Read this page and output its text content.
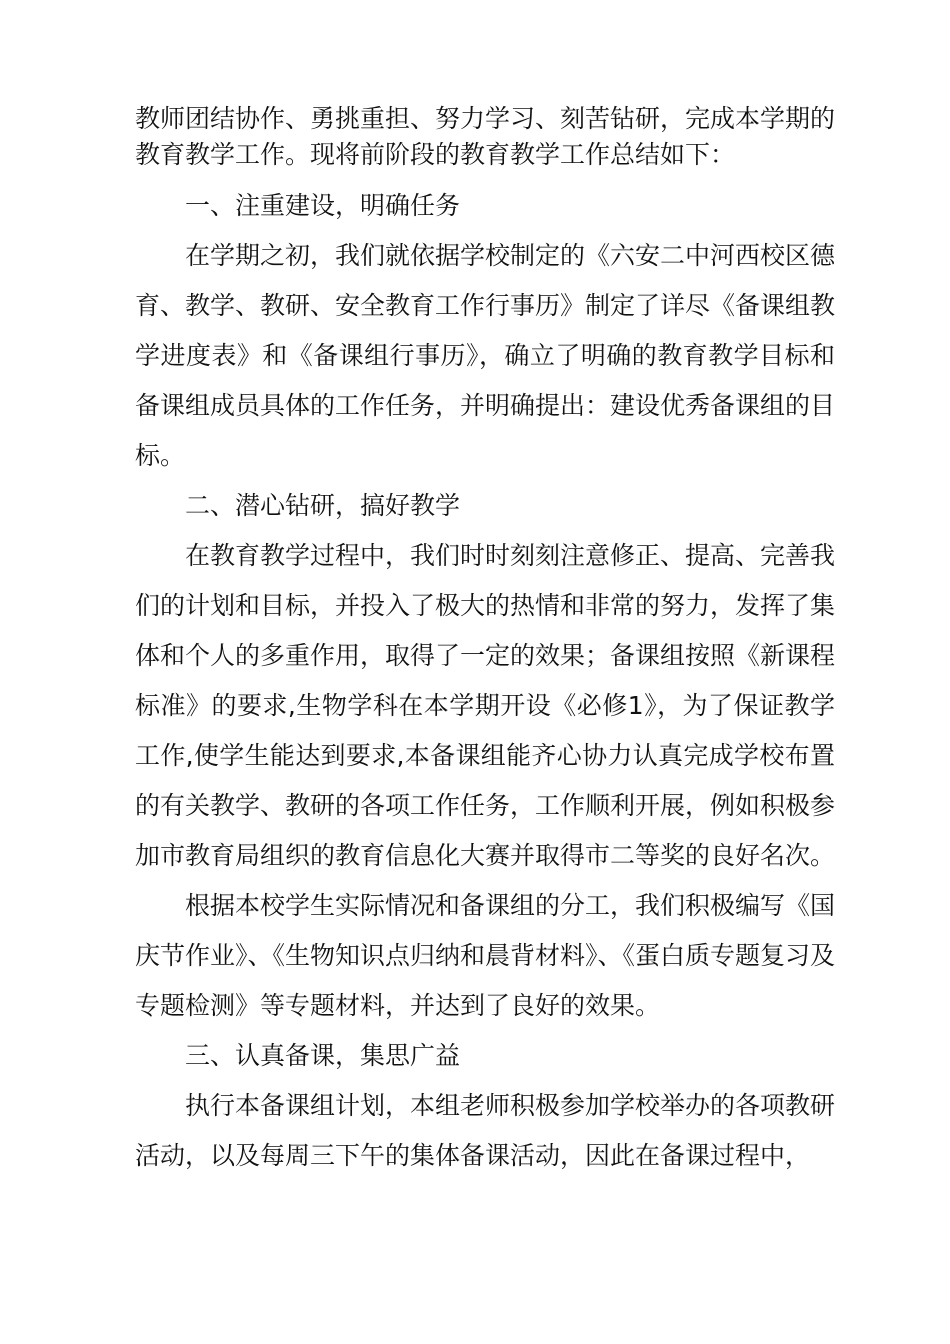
教师团结协作、勇挑重担、努力学习、刻苦钻研，完成本学期的教育教学工作。现将前阶段的教育教学工作总结如下：

一、注重建设，明确任务

在学期之初，我们就依据学校制定的《六安二中河西校区德育、教学、教研、安全教育工作行事历》制定了详尽《备课组教学进度表》和《备课组行事历》，确立了明确的教育教学目标和备课组成员具体的工作任务，并明确提出：建设优秀备课组的目标。

二、潜心钻研，搞好教学

在教育教学过程中，我们时时刻刻注意修正、提高、完善我们的计划和目标，并投入了极大的热情和非常的努力，发挥了集体和个人的多重作用，取得了一定的效果；备课组按照《新课程标准》的要求,生物学科在本学期开设《必修1》，为了保证教学工作,使学生能达到要求,本备课组能齐心协力认真完成学校布置的有关教学、教研的各项工作任务，工作顺利开展，例如积极参加市教育局组织的教育信息化大赛并取得市二等奖的良好名次。

根据本校学生实际情况和备课组的分工，我们积极编写《国庆节作业》、《生物知识点归纳和晨背材料》、《蛋白质专题复习及专题检测》等专题材料，并达到了良好的效果。

三、认真备课，集思广益

执行本备课组计划，本组老师积极参加学校举办的各项教研活动，以及每周三下午的集体备课活动，因此在备课过程中，
